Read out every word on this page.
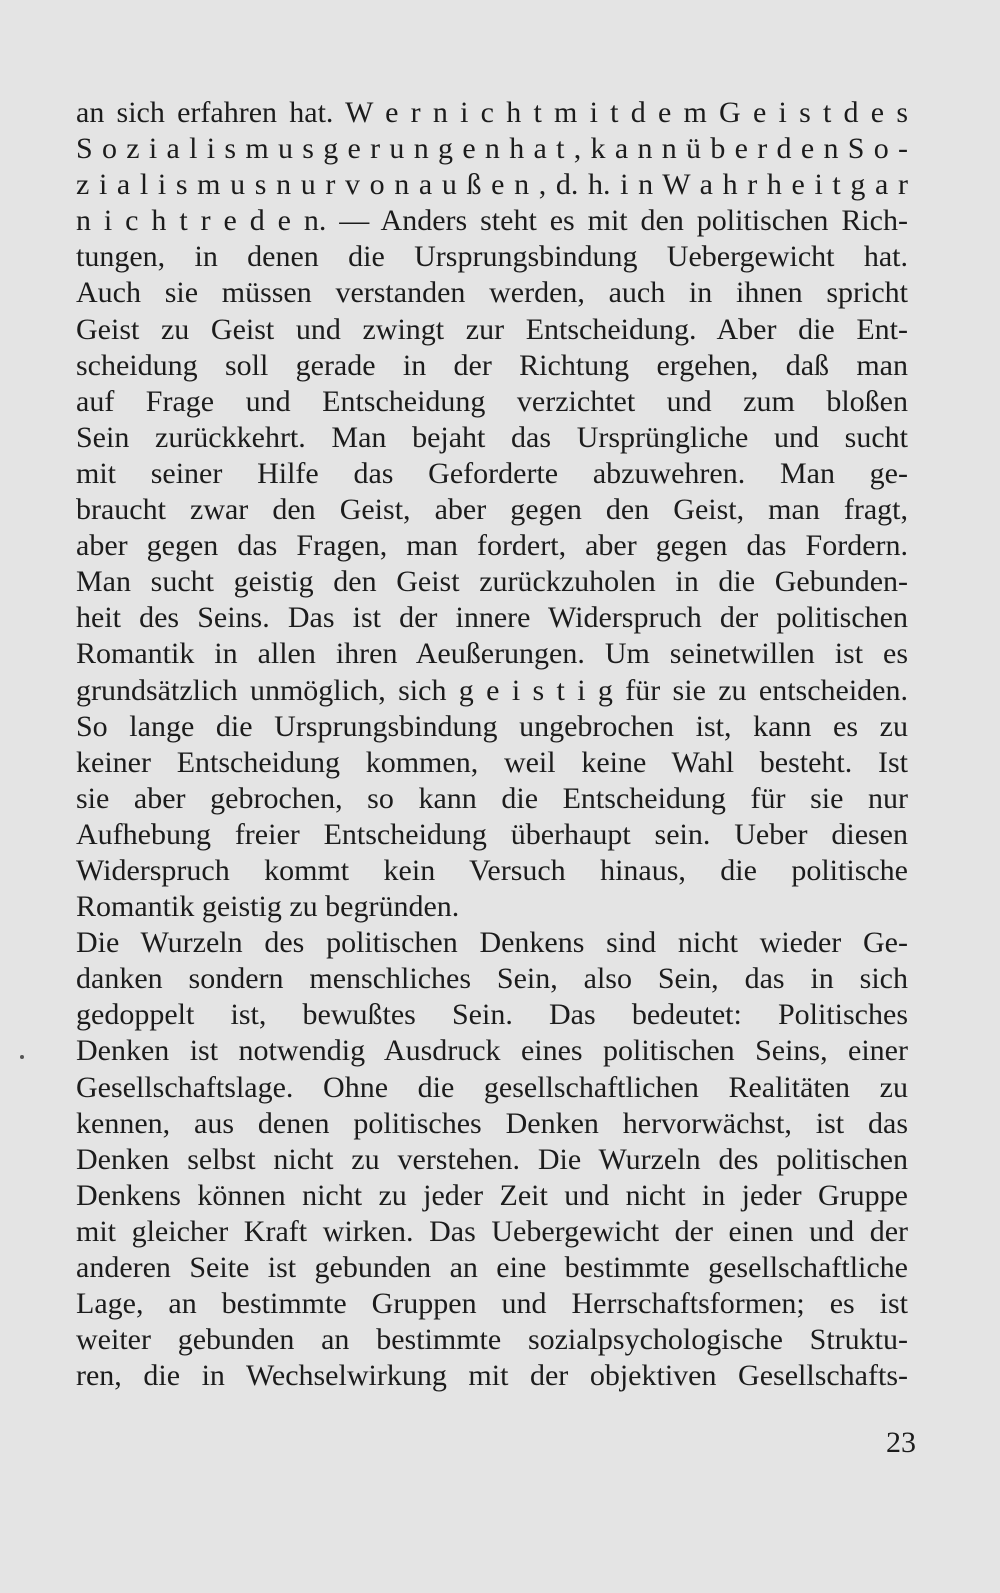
an sich erfahren hat. W e r n i c h t m i t d e m G e i s t d e s
S o z i a l i s m u s g e r u n g e n h a t , k a n n ü b e r d e n S o -
z i a l i s m u s n u r v o n a u ß e n , d. h. i n W a h r h e i t g a r
n i c h t r e d e n. — Anders steht es mit den politischen Rich-
tungen, in denen die Ursprungsbindung Uebergewicht hat.
Auch sie müssen verstanden werden, auch in ihnen spricht
Geist zu Geist und zwingt zur Entscheidung. Aber die Ent-
scheidung soll gerade in der Richtung ergehen, daß man
auf Frage und Entscheidung verzichtet und zum bloßen
Sein zurückkehrt. Man bejaht das Ursprüngliche und sucht
mit seiner Hilfe das Geforderte abzuwehren. Man ge-
braucht zwar den Geist, aber gegen den Geist, man fragt,
aber gegen das Fragen, man fordert, aber gegen das Fordern.
Man sucht geistig den Geist zurückzuholen in die Gebunden-
heit des Seins. Das ist der innere Widerspruch der politischen
Romantik in allen ihren Aeußerungen. Um seinetwillen ist es
grundsätzlich unmöglich, sich g e i s t i g für sie zu entscheiden.
So lange die Ursprungsbindung ungebrochen ist, kann es zu
keiner Entscheidung kommen, weil keine Wahl besteht. Ist
sie aber gebrochen, so kann die Entscheidung für sie nur
Aufhebung freier Entscheidung überhaupt sein. Ueber diesen
Widerspruch kommt kein Versuch hinaus, die politische
Romantik geistig zu begründen.
Die Wurzeln des politischen Denkens sind nicht wieder Ge-
danken sondern menschliches Sein, also Sein, das in sich
gedoppelt ist, bewußtes Sein. Das bedeutet: Politisches
Denken ist notwendig Ausdruck eines politischen Seins, einer
Gesellschaftslage. Ohne die gesellschaftlichen Realitäten zu
kennen, aus denen politisches Denken hervorwächst, ist das
Denken selbst nicht zu verstehen. Die Wurzeln des politischen
Denkens können nicht zu jeder Zeit und nicht in jeder Gruppe
mit gleicher Kraft wirken. Das Uebergewicht der einen und der
anderen Seite ist gebunden an eine bestimmte gesellschaftliche
Lage, an bestimmte Gruppen und Herrschaftsformen; es ist
weiter gebunden an bestimmte sozialpsychologische Struktu-
ren, die in Wechselwirkung mit der objektiven Gesellschafts-
23
